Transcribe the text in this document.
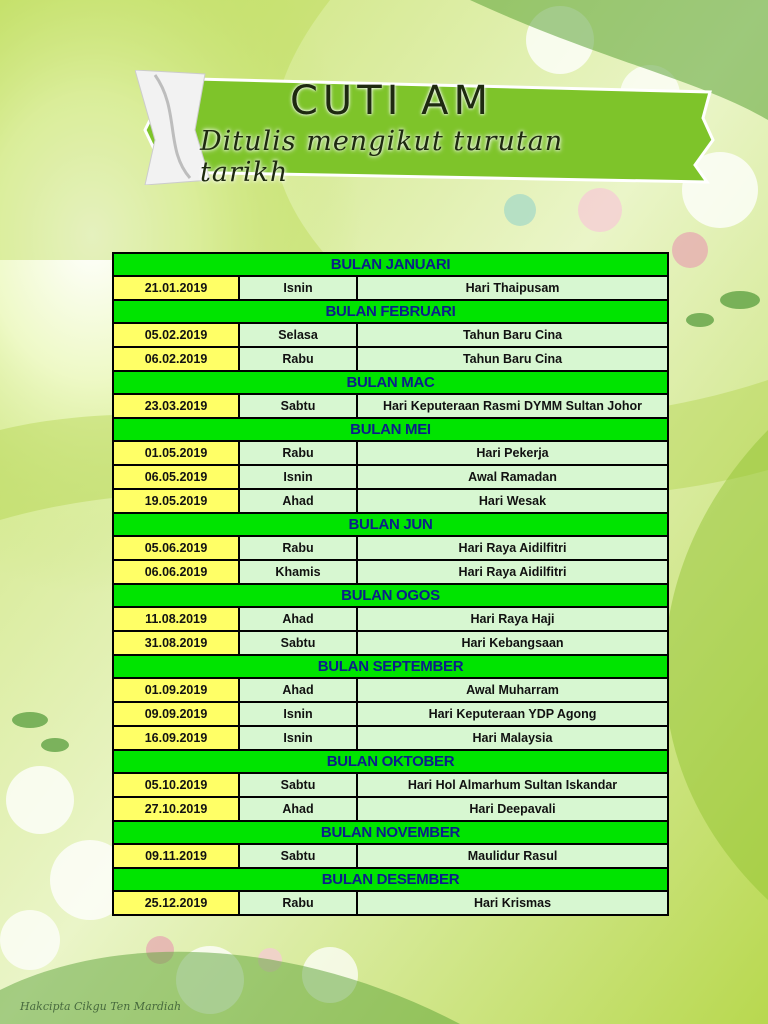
CUTI AM
Ditulis mengikut turutan tarikh
BULAN JANUARI
21.01.2019	Isnin	Hari Thaipusam
BULAN FEBRUARI
05.02.2019	Selasa	Tahun Baru Cina
06.02.2019	Rabu	Tahun Baru Cina
BULAN MAC
23.03.2019	Sabtu	Hari Keputeraan Rasmi DYMM Sultan Johor
BULAN MEI
01.05.2019	Rabu	Hari Pekerja
06.05.2019	Isnin	Awal Ramadan
19.05.2019	Ahad	Hari Wesak
BULAN JUN
05.06.2019	Rabu	Hari Raya Aidilfitri
06.06.2019	Khamis	Hari Raya Aidilfitri
BULAN OGOS
11.08.2019	Ahad	Hari Raya Haji
31.08.2019	Sabtu	Hari Kebangsaan
BULAN SEPTEMBER
01.09.2019	Ahad	Awal Muharram
09.09.2019	Isnin	Hari Keputeraan YDP Agong
16.09.2019	Isnin	Hari Malaysia
BULAN OKTOBER
05.10.2019	Sabtu	Hari Hol Almarhum Sultan Iskandar
27.10.2019	Ahad	Hari Deepavali
BULAN NOVEMBER
09.11.2019	Sabtu	Maulidur Rasul
BULAN DESEMBER
25.12.2019	Rabu	Hari Krismas
Hakcipta Cikgu Ten Mardiah
